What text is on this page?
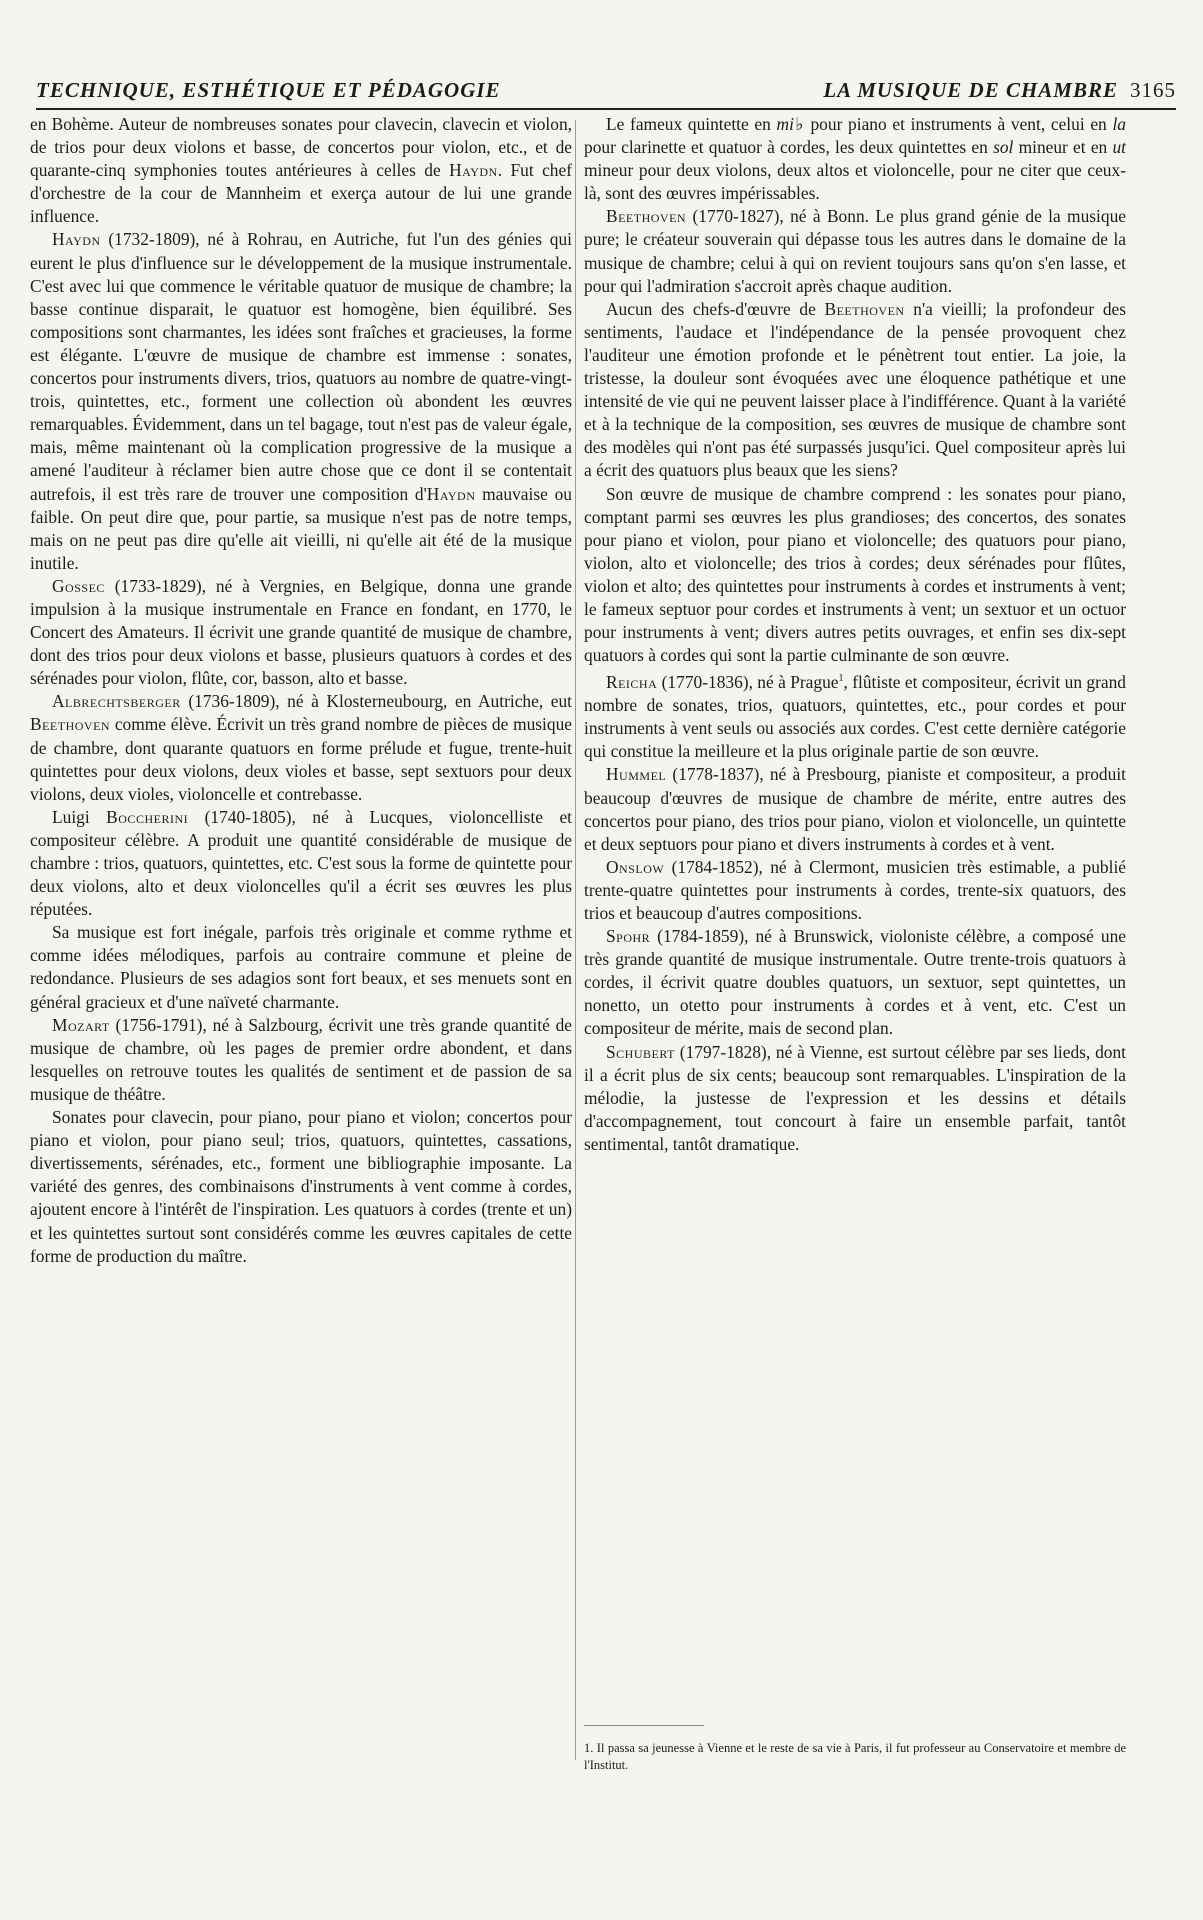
TECHNIQUE, ESTHÉTIQUE ET PÉDAGOGIE	LA MUSIQUE DE CHAMBRE 3165

en Bohème. Auteur de nombreuses sonates pour clavecin, clavecin et violon, de trios pour deux violons et basse, de concertos pour violon, etc., et de quarante-cinq symphonies toutes antérieures à celles de Haydn. Fut chef d'orchestre de la cour de Mannheim et exerça autour de lui une grande influence.

Haydn (1732-1809), né à Rohrau, en Autriche, fut l'un des génies qui eurent le plus d'influence sur le développement de la musique instrumentale. C'est avec lui que commence le véritable quatuor de musique de chambre; la basse continue disparait, le quatuor est homogène, bien équilibré. Ses compositions sont charmantes, les idées sont fraîches et gracieuses, la forme est élégante. L'œuvre de musique de chambre est immense : sonates, concertos pour instruments divers, trios, quatuors au nombre de quatre-vingt-trois, quintettes, etc., forment une collection où abondent les œuvres remarquables. Évidemment, dans un tel bagage, tout n'est pas de valeur égale, mais, même maintenant où la complication progressive de la musique a amené l'auditeur à réclamer bien autre chose que ce dont il se contentait autrefois, il est très rare de trouver une composition d'Haydn mauvaise ou faible. On peut dire que, pour partie, sa musique n'est pas de notre temps, mais on ne peut pas dire qu'elle ait vieilli, ni qu'elle ait été de la musique inutile.

Gossec (1733-1829), né à Vergnies, en Belgique, donna une grande impulsion à la musique instrumentale en France en fondant, en 1770, le Concert des Amateurs. Il écrivit une grande quantité de musique de chambre, dont des trios pour deux violons et basse, plusieurs quatuors à cordes et des sérénades pour violon, flûte, cor, basson, alto et basse.

Albrechtsberger (1736-1809), né à Klosterneubourg, en Autriche, eut Beethoven comme élève. Écrivit un très grand nombre de pièces de musique de chambre, dont quarante quatuors en forme prélude et fugue, trente-huit quintettes pour deux violons, deux violes et basse, sept sextuors pour deux violons, deux violes, violoncelle et contrebasse.

Luigi Boccherini (1740-1805), né à Lucques, violoncelliste et compositeur célèbre. A produit une quantité considérable de musique de chambre : trios, quatuors, quintettes, etc. C'est sous la forme de quintette pour deux violons, alto et deux violoncelles qu'il a écrit ses œuvres les plus réputées.

Sa musique est fort inégale, parfois très originale et comme rythme et comme idées mélodiques, parfois au contraire commune et pleine de redondance. Plusieurs de ses adagios sont fort beaux, et ses menuets sont en général gracieux et d'une naïveté charmante.

Mozart (1756-1791), né à Salzbourg, écrivit une très grande quantité de musique de chambre, où les pages de premier ordre abondent, et dans lesquelles on retrouve toutes les qualités de sentiment et de passion de sa musique de théâtre.

Sonates pour clavecin, pour piano, pour piano et violon; concertos pour piano et violon, pour piano seul; trios, quatuors, quintettes, cassations, divertissements, sérénades, etc., forment une bibliographie imposante. La variété des genres, des combinaisons d'instruments à vent comme à cordes, ajoutent encore à l'intérêt de l'inspiration. Les quatuors à cordes (trente et un) et les quintettes surtout sont considérés comme les œuvres capitales de cette forme de production du maître.

Le fameux quintette en mi♭ pour piano et instruments à vent, celui en la pour clarinette et quatuor à cordes, les deux quintettes en sol mineur et en ut mineur pour deux violons, deux altos et violoncelle, pour ne citer que ceux-là, sont des œuvres impérissables.

Beethoven (1770-1827), né à Bonn. Le plus grand génie de la musique pure; le créateur souverain qui dépasse tous les autres dans le domaine de la musique de chambre; celui à qui on revient toujours sans qu'on s'en lasse, et pour qui l'admiration s'accroit après chaque audition.

Aucun des chefs-d'œuvre de Beethoven n'a vieilli; la profondeur des sentiments, l'audace et l'indépendance de la pensée provoquent chez l'auditeur une émotion profonde et le pénètrent tout entier. La joie, la tristesse, la douleur sont évoquées avec une éloquence pathétique et une intensité de vie qui ne peuvent laisser place à l'indifférence. Quant à la variété et à la technique de la composition, ses œuvres de musique de chambre sont des modèles qui n'ont pas été surpassés jusqu'ici. Quel compositeur après lui a écrit des quatuors plus beaux que les siens?

Son œuvre de musique de chambre comprend : les sonates pour piano, comptant parmi ses œuvres les plus grandioses; des concertos, des sonates pour piano et violon, pour piano et violoncelle; des quatuors pour piano, violon, alto et violoncelle; des trios à cordes; deux sérénades pour flûtes, violon et alto; des quintettes pour instruments à cordes et instruments à vent; le fameux septuor pour cordes et instruments à vent; un sextuor et un octuor pour instruments à vent; divers autres petits ouvrages, et enfin ses dix-sept quatuors à cordes qui sont la partie culminante de son œuvre.

Reicha (1770-1836), né à Prague$^1$, flûtiste et compositeur, écrivit un grand nombre de sonates, trios, quatuors, quintettes, etc., pour cordes et pour instruments à vent seuls ou associés aux cordes. C'est cette dernière catégorie qui constitue la meilleure et la plus originale partie de son œuvre.

Hummel (1778-1837), né à Presbourg, pianiste et compositeur, a produit beaucoup d'œuvres de musique de chambre de mérite, entre autres des concertos pour piano, des trios pour piano, violon et violoncelle, un quintette et deux septuors pour piano et divers instruments à cordes et à vent.

Onslow (1784-1852), né à Clermont, musicien très estimable, a publié trente-quatre quintettes pour instruments à cordes, trente-six quatuors, des trios et beaucoup d'autres compositions.

Spohr (1784-1859), né à Brunswick, violoniste célèbre, a composé une très grande quantité de musique instrumentale. Outre trente-trois quatuors à cordes, il écrivit quatre doubles quatuors, un sextuor, sept quintettes, un nonetto, un otetto pour instruments à cordes et à vent, etc. C'est un compositeur de mérite, mais de second plan.

Schubert (1797-1828), né à Vienne, est surtout célèbre par ses lieds, dont il a écrit plus de six cents; beaucoup sont remarquables. L'inspiration de la mélodie, la justesse de l'expression et les dessins et détails d'accompagnement, tout concourt à faire un ensemble parfait, tantôt sentimental, tantôt dramatique.

1. Il passa sa jeunesse à Vienne et le reste de sa vie à Paris, il fut professeur au Conservatoire et membre de l'Institut.
